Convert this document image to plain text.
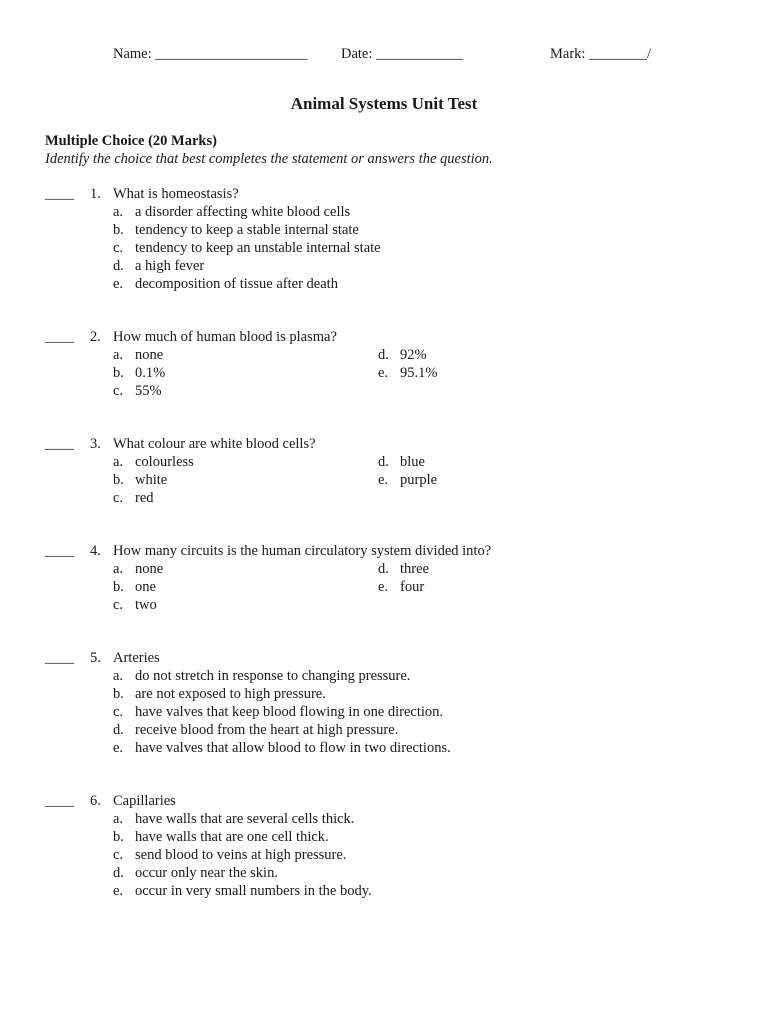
Name: _____________________ Date: ____________	Mark: ________/
Animal Systems Unit Test
Multiple Choice (20 Marks)
Identify the choice that best completes the statement or answers the question.
____ 1. What is homeostasis?
a. a disorder affecting white blood cells
b. tendency to keep a stable internal state
c. tendency to keep an unstable internal state
d. a high fever
e. decomposition of tissue after death
____ 2. How much of human blood is plasma?
a. none
b. 0.1%
c. 55%
d. 92%
e. 95.1%
____ 3. What colour are white blood cells?
a. colourless
b. white
c. red
d. blue
e. purple
____ 4. How many circuits is the human circulatory system divided into?
a. none
b. one
c. two
d. three
e. four
____ 5. Arteries
a. do not stretch in response to changing pressure.
b. are not exposed to high pressure.
c. have valves that keep blood flowing in one direction.
d. receive blood from the heart at high pressure.
e. have valves that allow blood to flow in two directions.
____ 6. Capillaries
a. have walls that are several cells thick.
b. have walls that are one cell thick.
c. send blood to veins at high pressure.
d. occur only near the skin.
e. occur in very small numbers in the body.
